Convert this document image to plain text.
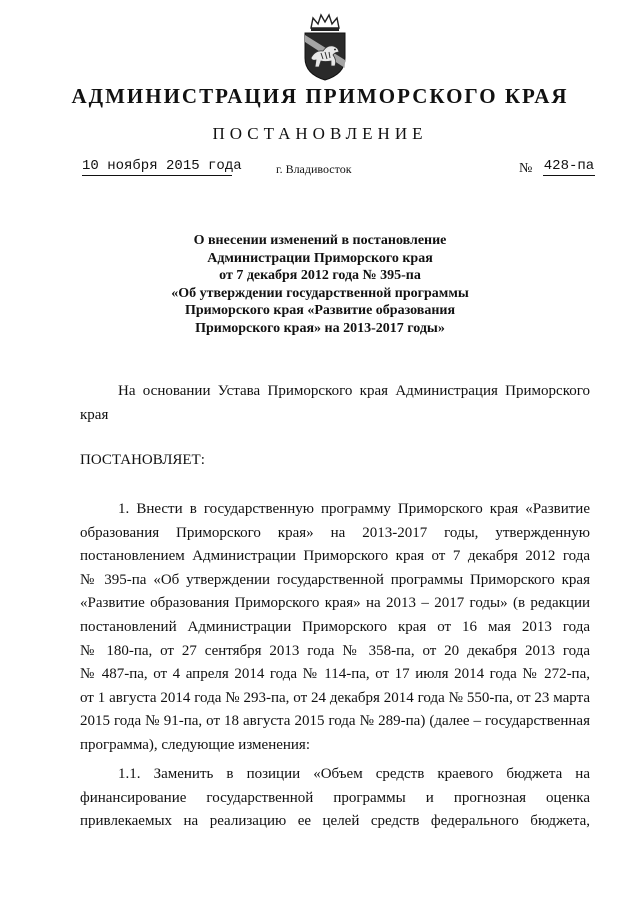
АДМИНИСТРАЦИЯ ПРИМОРСКОГО КРАЯ
ПОСТАНОВЛЕНИЕ
10 ноября 2015 года	г. Владивосток	№ 428-па
О внесении изменений в постановление
Администрации Приморского края
от 7 декабря 2012 года № 395-па
«Об утверждении государственной программы
Приморского края «Развитие образования
Приморского края» на 2013-2017 годы»
На основании Устава Приморского края Администрация Приморского
края
ПОСТАНОВЛЯЕТ:
1. Внести в государственную программу Приморского края «Развитие
образования Приморского края» на 2013-2017 годы, утвержденную
постановлением Администрации Приморского края от 7 декабря 2012 года
№ 395-па «Об утверждении государственной программы Приморского края
«Развитие образования Приморского края» на 2013 – 2017 годы» (в редакции
постановлений Администрации Приморского края от 16 мая 2013 года
№ 180-па, от 27 сентября 2013 года № 358-па, от 20 декабря 2013 года
№ 487-па, от 4 апреля 2014 года № 114-па, от 17 июля 2014 года № 272-па,
от 1 августа 2014 года № 293-па, от 24 декабря 2014 года № 550-па, от 23 марта
2015 года № 91-па, от 18 августа 2015 года № 289-па) (далее – государственная
программа), следующие изменения:
1.1. Заменить в позиции «Объем средств краевого бюджета на
финансирование государственной программы и прогнозная оценка
привлекаемых на реализацию ее целей средств федерального бюджета,
